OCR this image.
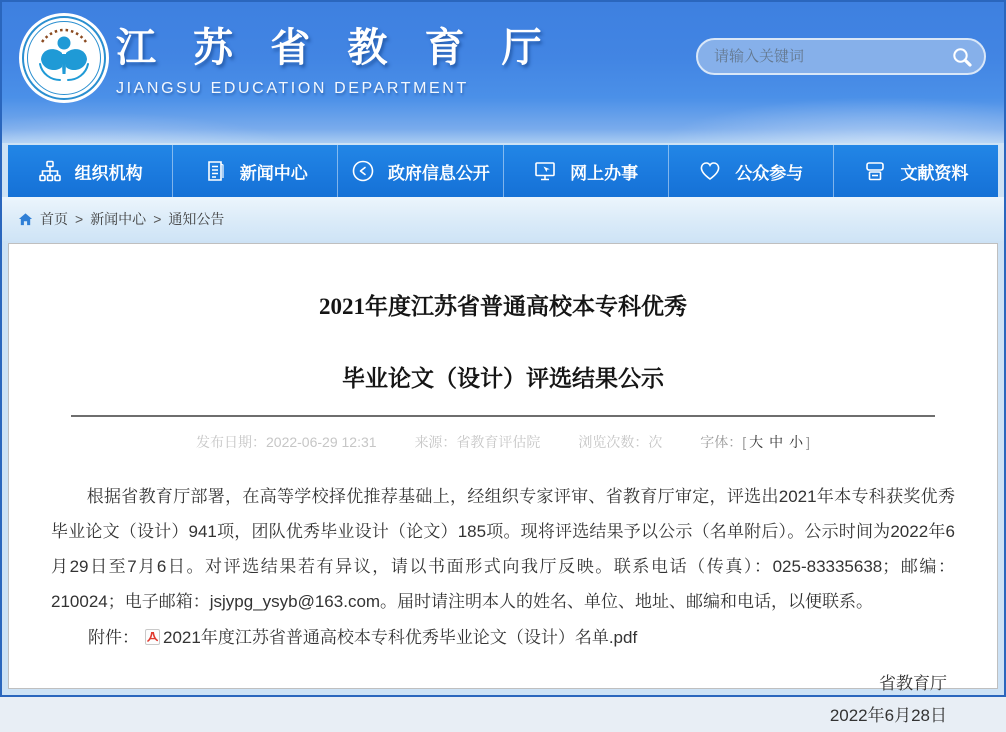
江 苏 省 教 育 厅
JIANGSU EDUCATION DEPARTMENT
请输入关键词
组织机构	新闻中心	政府信息公开	网上办事	公众参与	文献资料
首页 > 新闻中心 > 通知公告
2021年度江苏省普通高校本专科优秀
毕业论文（设计）评选结果公示
发布日期：2022-06-29 12:31	来源：省教育评估院	浏览次数：次	字体：[ 大 中 小 ]

根据省教育厅部署，在高等学校择优推荐基础上，经组织专家评审、省教育厅审定，评选出2021年本专科获奖优秀毕业论文（设计）941项，团队优秀毕业设计（论文）185项。现将评选结果予以公示（名单附后）。公示时间为2022年6月29日至7月6日。对评选结果若有异议，请以书面形式向我厅反映。联系电话（传真）：025-83335638；邮编：210024；电子邮箱：jsjypg_ysyb@163.com。届时请注明本人的姓名、单位、地址、邮编和电话，以便联系。

附件： 2021年度江苏省普通高校本专科优秀毕业论文（设计）名单.pdf
省教育厅
2022年6月28日
